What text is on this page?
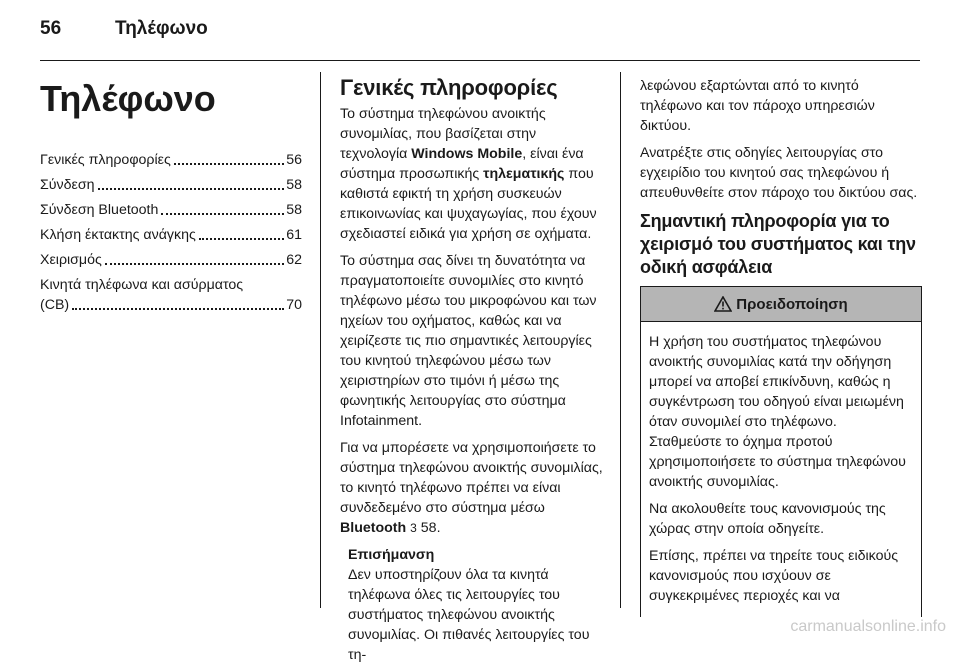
56	Τηλέφωνο
Τηλέφωνο
Γενικές πληροφορίες	56
Σύνδεση	58
Σύνδεση Bluetooth	58
Κλήση έκτακτης ανάγκης	61
Χειρισμός	62
Κινητά τηλέφωνα και ασύρματος
(CB)	70
Γενικές πληροφορίες

Το σύστημα τηλεφώνου ανοικτής συνομιλίας, που βασίζεται στην τεχνολογία Windows Mobile, είναι ένα σύστημα προσωπικής τηλεματικής που καθιστά εφικτή τη χρήση συσκευών επικοινωνίας και ψυχαγωγίας, που έχουν σχεδιαστεί ειδικά για χρήση σε οχήματα.

Το σύστημα σας δίνει τη δυνατότητα να πραγματοποιείτε συνομιλίες στο κινητό τηλέφωνο μέσω του μικροφώνου και των ηχείων του οχήματος, καθώς και να χειρίζεστε τις πιο σημαντικές λειτουργίες του κινητού τηλεφώνου μέσω των χειριστηρίων στο τιμόνι ή μέσω της φωνητικής λειτουργίας στο σύστημα Infotainment.

Για να μπορέσετε να χρησιμοποιήσετε το σύστημα τηλεφώνου ανοικτής συνομιλίας, το κινητό τηλέφωνο πρέπει να είναι συνδεδεμένο στο σύστημα μέσω Bluetooth 3 58.

Επισήμανση
Δεν υποστηρίζουν όλα τα κινητά τηλέφωνα όλες τις λειτουργίες του συστήματος τηλεφώνου ανοικτής συνομιλίας. Οι πιθανές λειτουργίες του τη-

λεφώνου εξαρτώνται από το κινητό τηλέφωνο και τον πάροχο υπηρεσιών δικτύου.

Ανατρέξτε στις οδηγίες λειτουργίας στο εγχειρίδιο του κινητού σας τηλεφώνου ή απευθυνθείτε στον πάροχο του δικτύου σας.

Σημαντική πληροφορία για το χειρισμό του συστήματος και την οδική ασφάλεια
Προειδοποίηση

Η χρήση του συστήματος τηλεφώνου ανοικτής συνομιλίας κατά την οδήγηση μπορεί να αποβεί επικίνδυνη, καθώς η συγκέντρωση του οδηγού είναι μειωμένη όταν συνομιλεί στο τηλέφωνο. Σταθμεύστε το όχημα προτού χρησιμοποιήσετε το σύστημα τηλεφώνου ανοικτής συνομιλίας.

Να ακολουθείτε τους κανονισμούς της χώρας στην οποία οδηγείτε.

Επίσης, πρέπει να τηρείτε τους ειδικούς κανονισμούς που ισχύουν σε συγκεκριμένες περιοχές και να

carmanualsonline.info
